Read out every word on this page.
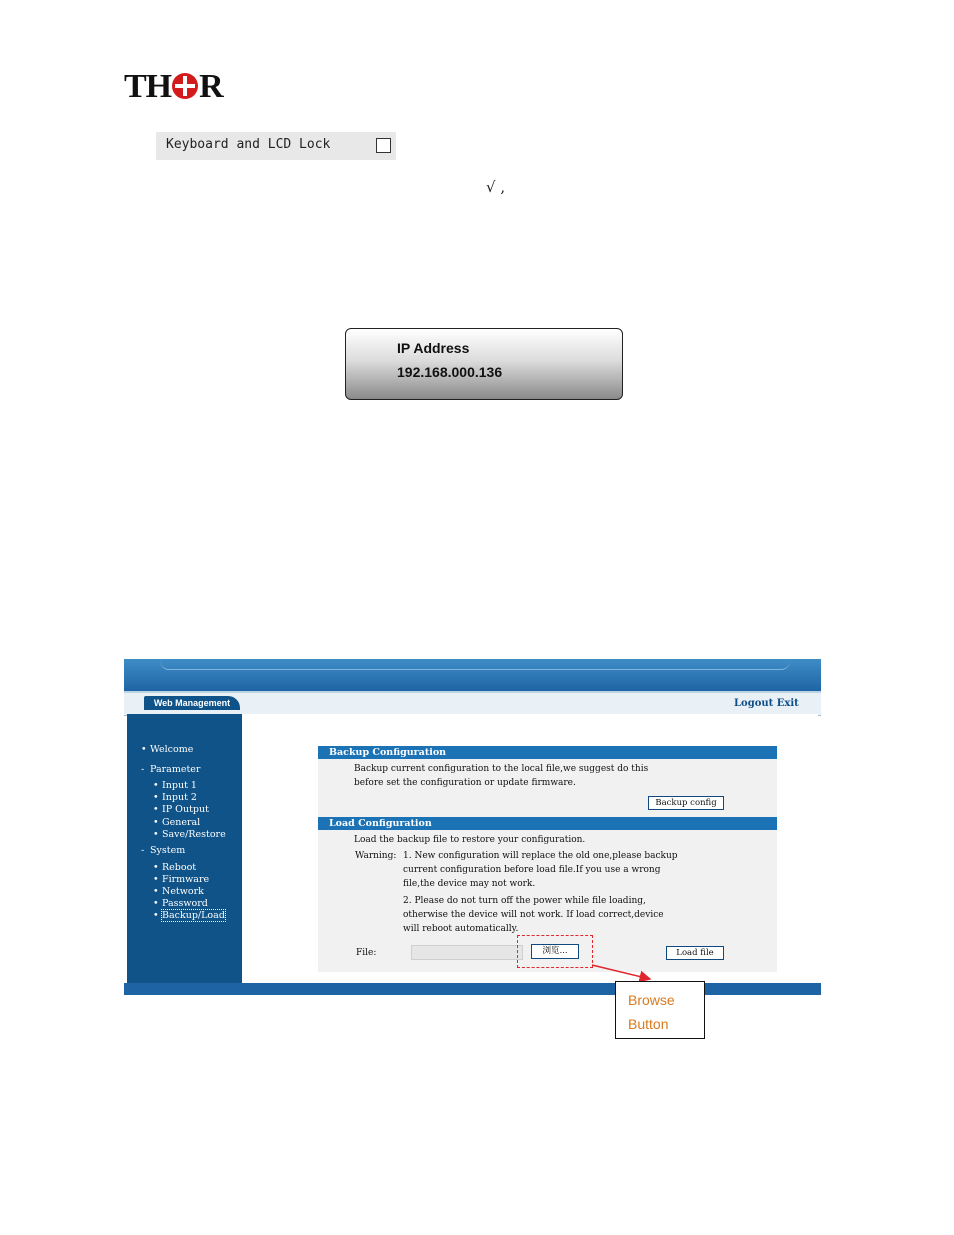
TH R
Keyboard and LCD Lock
√ ,
IP Address
192.168.000.136
Web Management	Logout Exit
• Welcome
- Parameter
• Input 1
• Input 2
• IP Output
• General
• Save/Restore
- System
• Reboot
• Firmware
• Network
• Password
• Backup/Load
Backup Configuration
Backup current configuration to the local file,we suggest do this
before set the configuration or update firmware.
Backup config
Load Configuration
Load the backup file to restore your configuration.
Warning: 1. New configuration will replace the old one,please backup
current configuration before load file.If you use a wrong
file,the device may not work.
2. Please do not turn off the power while file loading,
otherwise the device will not work. If load correct,device
will reboot automatically.
File:	浏览...	Load file
Browse
Button
